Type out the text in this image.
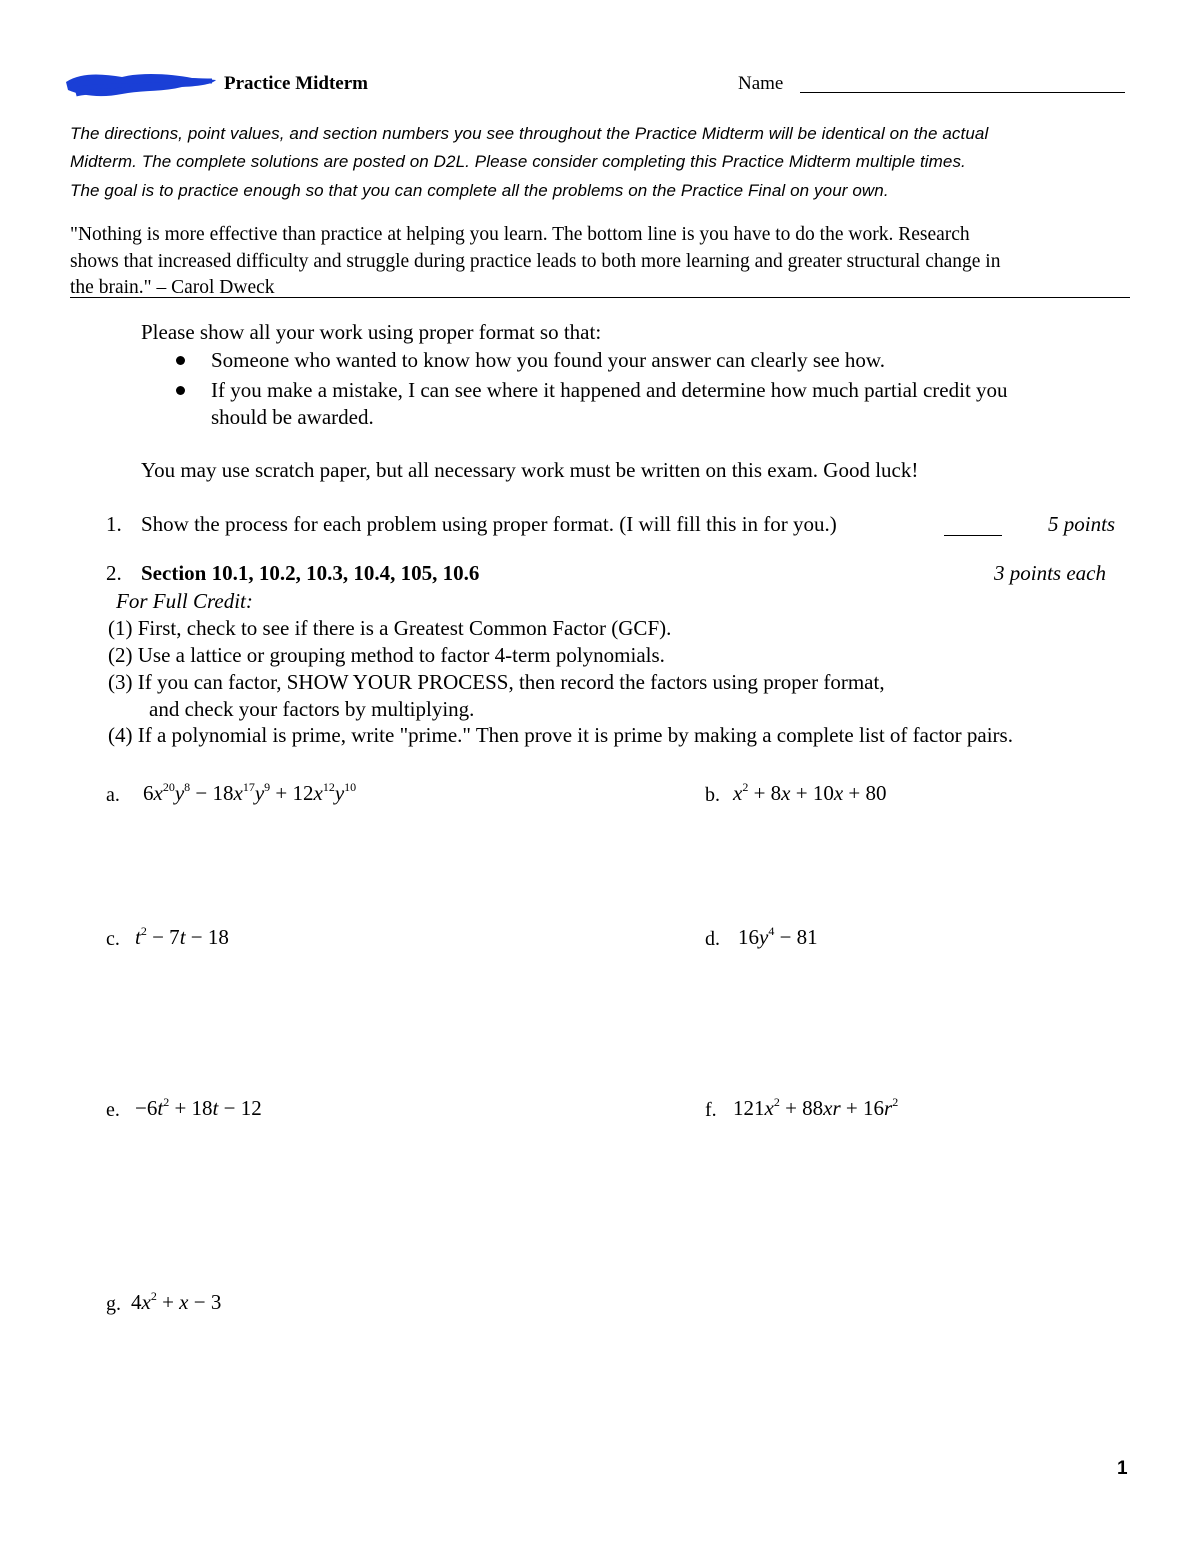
Practice Midterm	Name
The directions, point values, and section numbers you see throughout the Practice Midterm will be identical on the actual
Midterm. The complete solutions are posted on D2L. Please consider completing this Practice Midterm multiple times.
The goal is to practice enough so that you can complete all the problems on the Practice Final on your own.
"Nothing is more effective than practice at helping you learn. The bottom line is you have to do the work. Research
shows that increased difficulty and struggle during practice leads to both more learning and greater structural change in
the brain." – Carol Dweck
Please show all your work using proper format so that:
Someone who wanted to know how you found your answer can clearly see how.
If you make a mistake, I can see where it happened and determine how much partial credit you
should be awarded.
You may use scratch paper, but all necessary work must be written on this exam. Good luck!
1. Show the process for each problem using proper format. (I will fill this in for you.)	5 points
2. Section 10.1, 10.2, 10.3, 10.4, 105, 10.6	3 points each
For Full Credit:
(1) First, check to see if there is a Greatest Common Factor (GCF).
(2) Use a lattice or grouping method to factor 4-term polynomials.
(3) If you can factor, SHOW YOUR PROCESS, then record the factors using proper format,
and check your factors by multiplying.
(4) If a polynomial is prime, write "prime." Then prove it is prime by making a complete list of factor pairs.
a. $6x^{20}y^8 - 18x^{17}y^9 + 12x^{12}y^{10}$	b. $x^2 + 8x + 10x + 80$
c. $t^2 - 7t - 18$	d. $16y^4 - 81$
e. $-6t^2 + 18t - 12$	f. $121x^2 + 88xr + 16r^2$
g. $4x^2 + x - 3$
1
